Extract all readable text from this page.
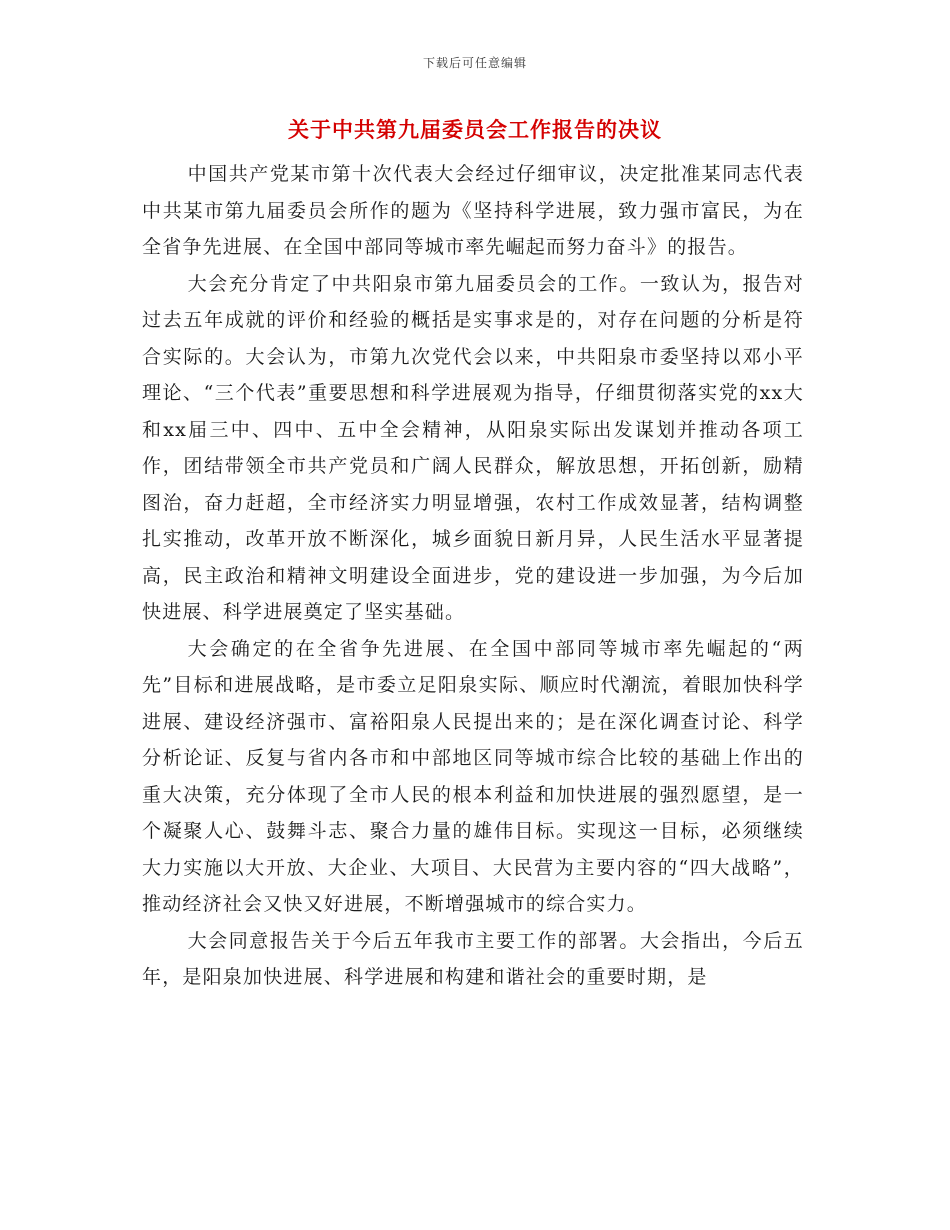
下载后可任意编辑
关于中共第九届委员会工作报告的决议

中国共产党某市第十次代表大会经过仔细审议，决定批准某同志代表中共某市第九届委员会所作的题为《坚持科学进展，致力强市富民，为在全省争先进展、在全国中部同等城市率先崛起而努力奋斗》的报告。

大会充分肯定了中共阳泉市第九届委员会的工作。一致认为，报告对过去五年成就的评价和经验的概括是实事求是的，对存在问题的分析是符合实际的。大会认为，市第九次党代会以来，中共阳泉市委坚持以邓小平理论、“三个代表”重要思想和科学进展观为指导，仔细贯彻落实党的xx大和xx届三中、四中、五中全会精神，从阳泉实际出发谋划并推动各项工作，团结带领全市共产党员和广阔人民群众，解放思想，开拓创新，励精图治，奋力赶超，全市经济实力明显增强，农村工作成效显著，结构调整扎实推动，改革开放不断深化，城乡面貌日新月异，人民生活水平显著提高，民主政治和精神文明建设全面进步，党的建设进一步加强，为今后加快进展、科学进展奠定了坚实基础。

大会确定的在全省争先进展、在全国中部同等城市率先崛起的“两先”目标和进展战略，是市委立足阳泉实际、顺应时代潮流，着眼加快科学进展、建设经济强市、富裕阳泉人民提出来的；是在深化调查讨论、科学分析论证、反复与省内各市和中部地区同等城市综合比较的基础上作出的重大决策，充分体现了全市人民的根本利益和加快进展的强烈愿望，是一个凝聚人心、鼓舞斗志、聚合力量的雄伟目标。实现这一目标，必须继续大力实施以大开放、大企业、大项目、大民营为主要内容的“四大战略”，推动经济社会又快又好进展，不断增强城市的综合实力。

大会同意报告关于今后五年我市主要工作的部署。大会指出，今后五年，是阳泉加快进展、科学进展和构建和谐社会的重要时期，是
